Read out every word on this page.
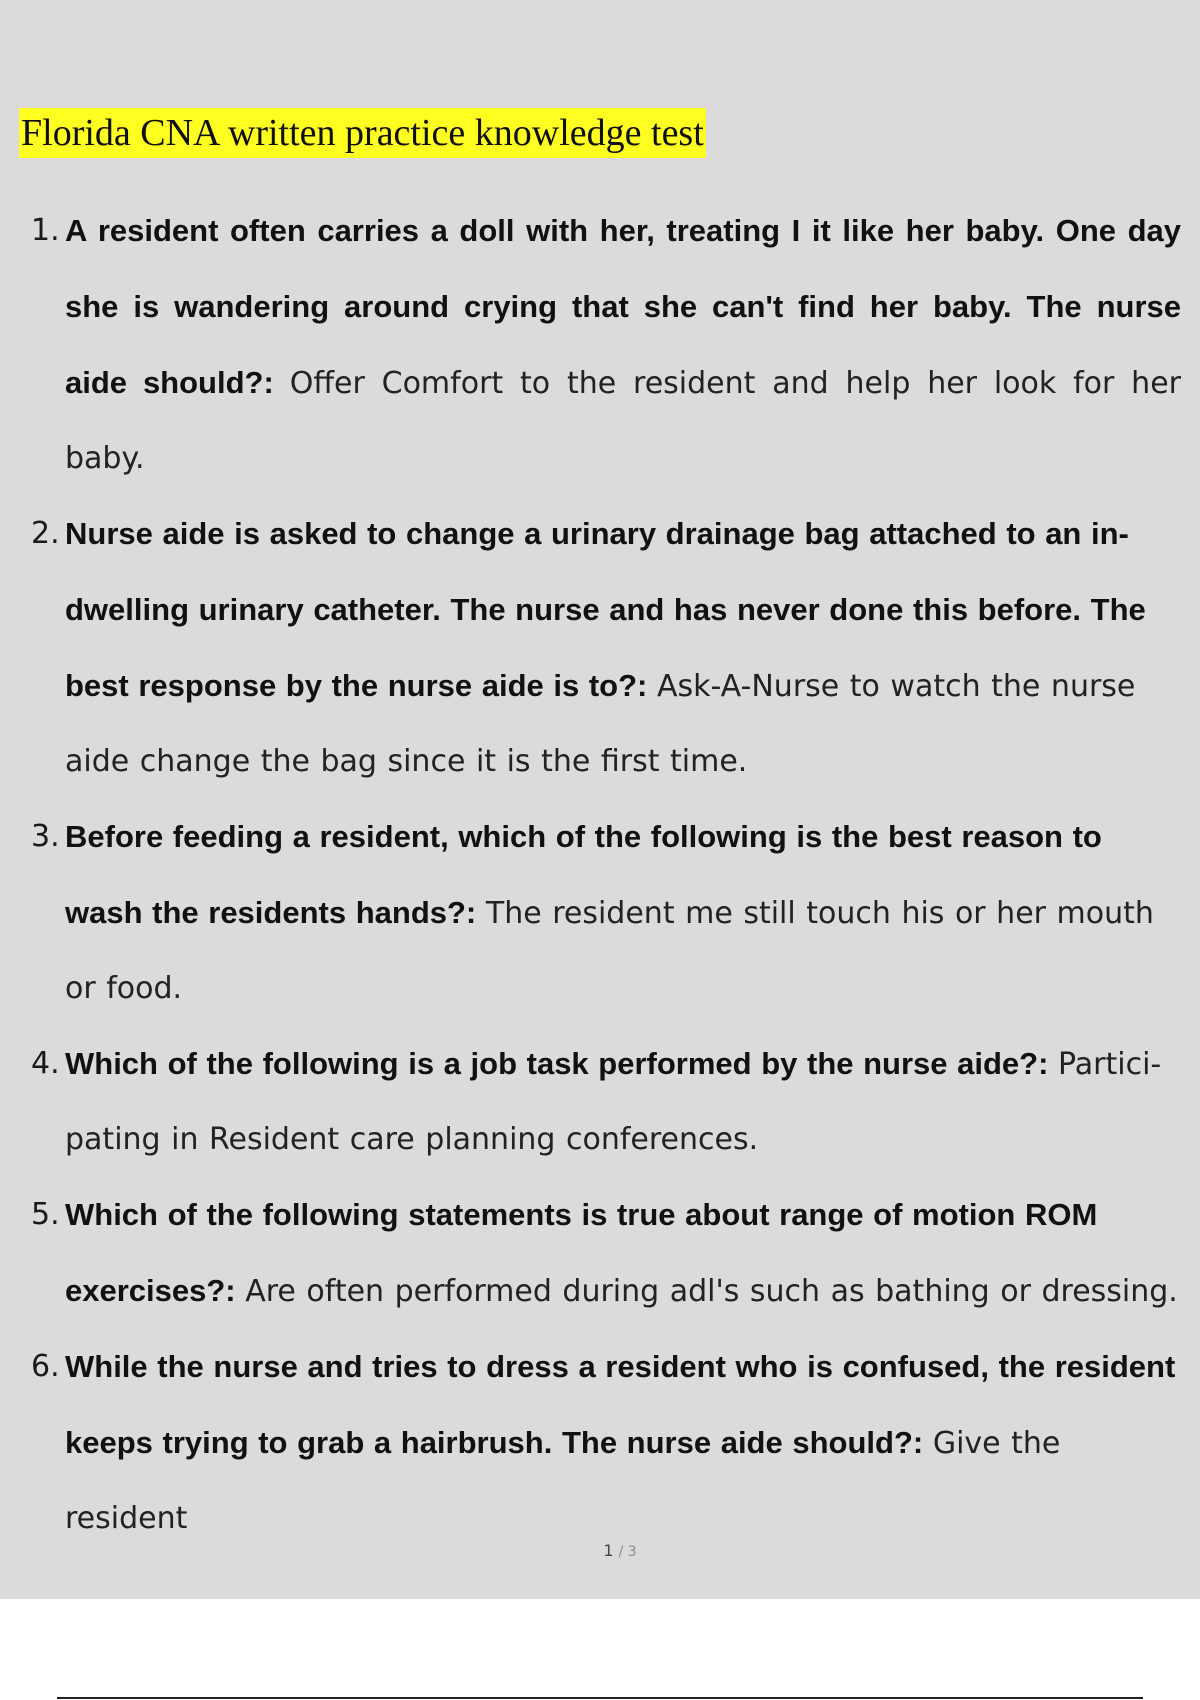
Florida CNA written practice knowledge test
1. A resident often carries a doll with her, treating I it like her baby. One day she is wandering around crying that she can't find her baby. The nurse aide should?: Offer Comfort to the resident and help her look for her baby.
2. Nurse aide is asked to change a urinary drainage bag attached to an in-dwelling urinary catheter. The nurse and has never done this before. The best response by the nurse aide is to?: Ask-A-Nurse to watch the nurse aide change the bag since it is the first time.
3. Before feeding a resident, which of the following is the best reason to wash the residents hands?: The resident me still touch his or her mouth or food.
4. Which of the following is a job task performed by the nurse aide?: Partici- pating in Resident care planning conferences.
5. Which of the following statements is true about range of motion ROM exercises?: Are often performed during adl's such as bathing or dressing.
6. While the nurse and tries to dress a resident who is confused, the resident keeps trying to grab a hairbrush. The nurse aide should?: Give the resident
1 / 3
